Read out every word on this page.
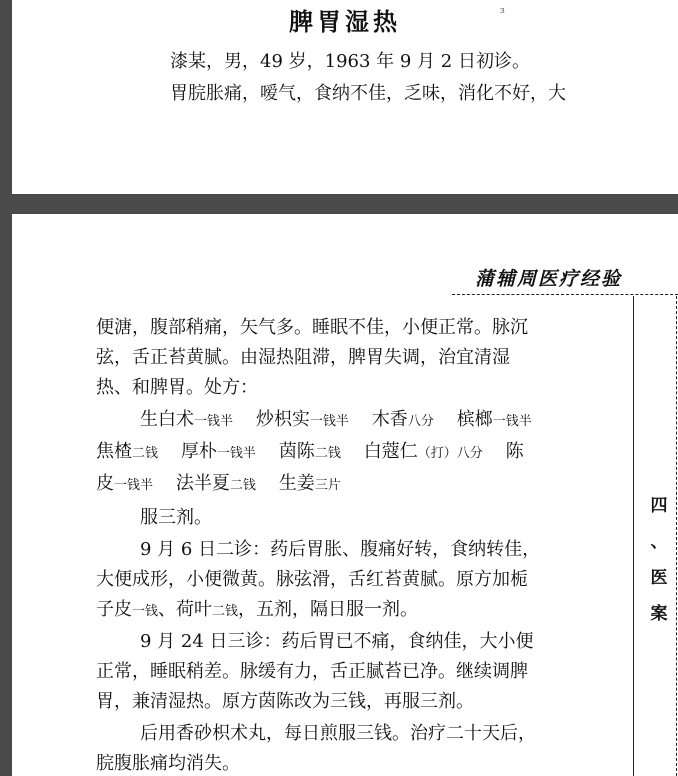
脾胃湿热	ɜ
漆某，男，49 岁，1963 年 9 月 2 日初诊。
胃脘胀痛，嗳气，食纳不佳，乏味，消化不好，大
蒲辅周医疗经验
四
、
医
案
便溏，腹部稍痛，矢气多。睡眠不佳，小便正常。脉沉
弦，舌正苔黄腻。由湿热阻滞，脾胃失调，治宜清湿
热、和脾胃。处方：
生白术一钱半 炒枳实一钱半 木香八分 槟榔一钱半
焦楂二钱 厚朴一钱半 茵陈二钱 白蔻仁（打）八分 陈
皮一钱半 法半夏二钱 生姜三片
服三剂。
9 月 6 日二诊：药后胃胀、腹痛好转，食纳转佳，
大便成形，小便微黄。脉弦滑，舌红苔黄腻。原方加栀
子皮一钱、荷叶二钱，五剂，隔日服一剂。
9 月 24 日三诊：药后胃已不痛，食纳佳，大小便
正常，睡眠稍差。脉缓有力，舌正腻苔已净。继续调脾
胃，兼清湿热。原方茵陈改为三钱，再服三剂。
后用香砂枳术丸，每日煎服三钱。治疗二十天后，
脘腹胀痛均消失。
